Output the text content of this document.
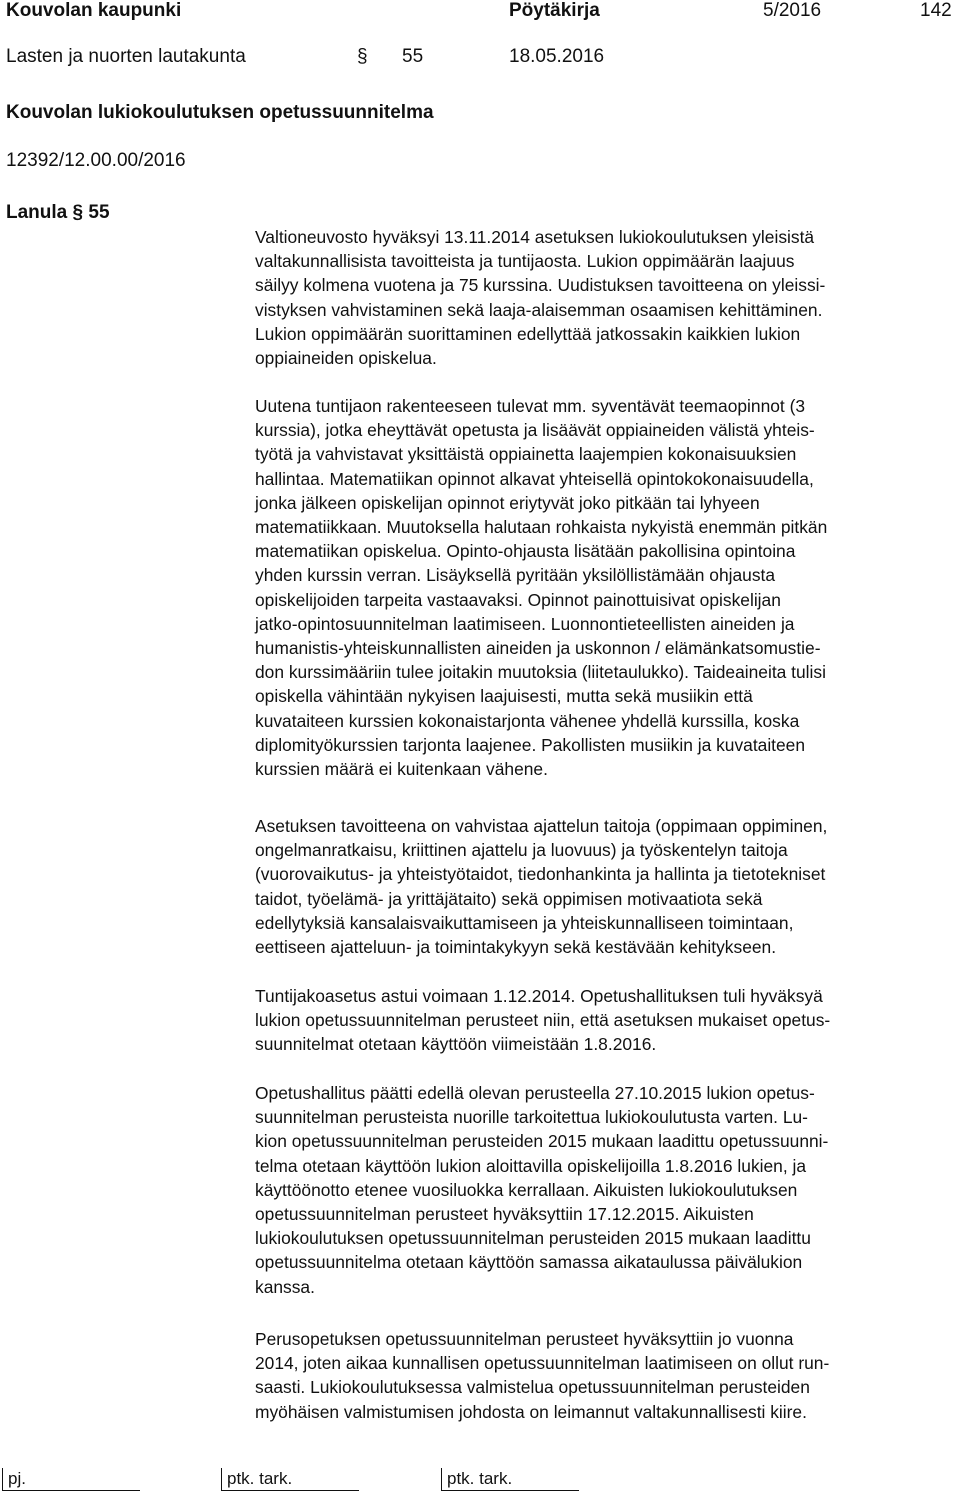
Kouvolan kaupunki	Pöytäkirja	5/2016	142
Lasten ja nuorten lautakunta	§ 55	18.05.2016
Kouvolan lukiokoulutuksen opetussuunnitelma
12392/12.00.00/2016
Lanula § 55
Valtioneuvosto hyväksyi 13.11.2014 asetuksen lukiokoulutuksen yleisistä
valtakunnallisista tavoitteista ja tuntijaosta. Lukion oppimäärän laajuus
säilyy kolmena vuotena ja 75 kurssina. Uudistuksen tavoitteena on yleissi-
vistyksen vahvistaminen sekä laaja-alaisemman osaamisen kehittäminen.
Lukion oppimäärän suorittaminen edellyttää jatkossakin kaikkien lukion
oppiaineiden opiskelua.
Uutena tuntijaon rakenteeseen tulevat mm. syventävät teemaopinnot (3
kurssia), jotka eheyttävät opetusta ja lisäävät oppiaineiden välistä yhteis-
työtä ja vahvistavat yksittäistä oppiainetta laajempien kokonaisuuksien
hallintaa. Matematiikan opinnot alkavat yhteisellä opintokokonaisuudella,
jonka jälkeen opiskelijan opinnot eriytyvät joko pitkään tai lyhyeen
matematiikkaan. Muutoksella halutaan rohkaista nykyistä enemmän pitkän
matematiikan opiskelua. Opinto-ohjausta lisätään pakollisina opintoina
yhden kurssin verran. Lisäyksellä pyritään yksilöllistämään ohjausta
opiskelijoiden tarpeita vastaavaksi. Opinnot painottuisivat opiskelijan
jatko-opintosuunnitelman laatimiseen. Luonnontieteellisten aineiden ja
humanistis-yhteiskunnallisten aineiden ja uskonnon / elämänkatsomustie-
don kurssimääriin tulee joitakin muutoksia (liitetaulukko). Taideaineita tulisi
opiskella vähintään nykyisen laajuisesti, mutta sekä musiikin että
kuvataiteen kurssien kokonaistarjonta vähenee yhdellä kurssilla, koska
diplomityökurssien tarjonta laajenee. Pakollisten musiikin ja kuvataiteen
kurssien määrä ei kuitenkaan vähene.
Asetuksen tavoitteena on vahvistaa ajattelun taitoja (oppimaan oppiminen,
ongelmanratkaisu, kriittinen ajattelu ja luovuus) ja työskentelyn taitoja
(vuorovaikutus- ja yhteistyötaidot, tiedonhankinta ja hallinta ja tietotekniset
taidot, työelämä- ja yrittäjätaito) sekä oppimisen motivaatiota sekä
edellytyksiä kansalaisvaikuttamiseen ja yhteiskunnalliseen toimintaan,
eettiseen ajatteluun- ja toimintakykyyn sekä kestävään kehitykseen.
Tuntijakoasetus astui voimaan 1.12.2014. Opetushallituksen tuli hyväksyä
lukion opetussuunnitelman perusteet niin, että asetuksen mukaiset opetus-
suunnitelmat otetaan käyttöön viimeistään 1.8.2016.
Opetushallitus päätti edellä olevan perusteella 27.10.2015 lukion opetus-
suunnitelman perusteista nuorille tarkoitettua lukiokoulutusta varten. Lu-
kion opetussuunnitelman perusteiden 2015 mukaan laadittu opetussuunni-
telma otetaan käyttöön lukion aloittavilla opiskelijoilla 1.8.2016 lukien, ja
käyttöönotto etenee vuosiluokka kerrallaan. Aikuisten lukiokoulutuksen
opetussuunnitelman perusteet hyväksyttiin 17.12.2015. Aikuisten
lukiokoulutuksen opetussuunnitelman perusteiden 2015 mukaan laadittu
opetussuunnitelma otetaan käyttöön samassa aikataulussa päivälukion
kanssa.
Perusopetuksen opetussuunnitelman perusteet hyväksyttiin jo vuonna
2014, joten aikaa kunnallisen opetussuunnitelman laatimiseen on ollut run-
saasti. Lukiokoulutuksessa valmistelua opetussuunnitelman perusteiden
myöhäisen valmistumisen johdosta on leimannut valtakunnallisesti kiire.
pj.	ptk. tark.	ptk. tark.
